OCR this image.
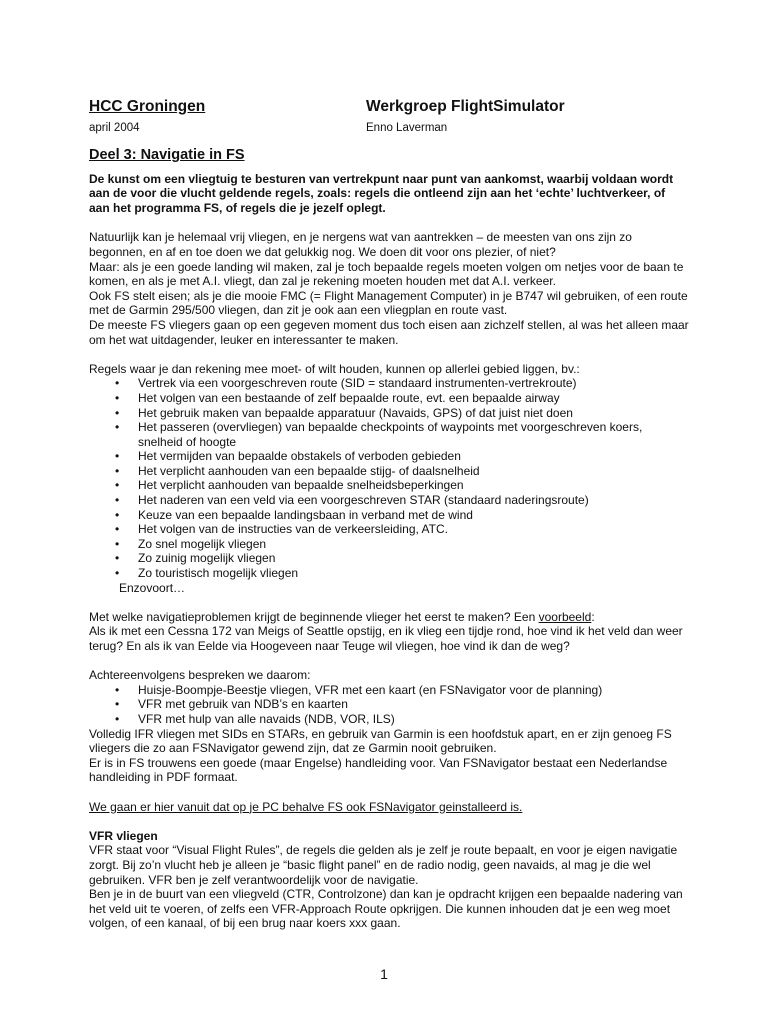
HCC Groningen	Werkgroep FlightSimulator
april 2004	Enno Laverman
Deel 3: Navigatie in FS

De kunst om een vliegtuig te besturen van vertrekpunt naar punt van aankomst, waarbij voldaan wordt aan de voor die vlucht geldende regels, zoals: regels die ontleend zijn aan het ‘echte’ luchtverkeer, of aan het programma FS, of regels die je jezelf oplegt.

Natuurlijk kan je helemaal vrij vliegen, en je nergens wat van aantrekken – de meesten van ons zijn zo begonnen, en af en toe doen we dat gelukkig nog. We doen dit voor ons plezier, of niet?

Maar: als je een goede landing wil maken, zal je toch bepaalde regels moeten volgen om netjes voor de baan te komen, en als je met A.I. vliegt, dan zal je rekening moeten houden met dat A.I. verkeer.

Ook FS stelt eisen; als je die mooie FMC (= Flight Management Computer) in je B747 wil gebruiken, of een route met de Garmin 295/500 vliegen, dan zit je ook aan een vliegplan en route vast.

De meeste FS vliegers gaan op een gegeven moment dus toch eisen aan zichzelf stellen, al was het alleen maar om het wat uitdagender, leuker en interessanter te maken.

Regels waar je dan rekening mee moet- of wilt houden, kunnen op allerlei gebied liggen, bv.:

• Vertrek via een voorgeschreven route (SID = standaard instrumenten-vertrekroute)
• Het volgen van een bestaande of zelf bepaalde route, evt. een bepaalde airway
• Het gebruik maken van bepaalde apparatuur (Navaids, GPS) of dat juist niet doen
• Het passeren (overvliegen) van bepaalde checkpoints of waypoints met voorgeschreven koers, snelheid of hoogte
• Het vermijden van bepaalde obstakels of verboden gebieden
• Het verplicht aanhouden van een bepaalde stijg- of daalsnelheid
• Het verplicht aanhouden van bepaalde snelheidsbeperkingen
• Het naderen van een veld via een voorgeschreven STAR (standaard naderingsroute)
• Keuze van een bepaalde landingsbaan in verband met de wind
• Het volgen van de instructies van de verkeersleiding, ATC.
• Zo snel mogelijk vliegen
• Zo zuinig mogelijk vliegen
• Zo touristisch mogelijk vliegen

Enzovoort…

Met welke navigatieproblemen krijgt de beginnende vlieger het eerst te maken? Een voorbeeld:

Als ik met een Cessna 172 van Meigs of Seattle opstijg, en ik vlieg een tijdje rond, hoe vind ik het veld dan weer terug? En als ik van Eelde via Hoogeveen naar Teuge wil vliegen, hoe vind ik dan de weg?

Achtereenvolgens bespreken we daarom:

• Huisje-Boompje-Beestje vliegen, VFR met een kaart (en FSNavigator voor de planning)
• VFR met gebruik van NDB’s en kaarten
• VFR met hulp van alle navaids (NDB, VOR, ILS)

Volledig IFR vliegen met SIDs en STARs, en gebruik van Garmin is een hoofdstuk apart, en er zijn genoeg FS vliegers die zo aan FSNavigator gewend zijn, dat ze Garmin nooit gebruiken.

Er is in FS trouwens een goede (maar Engelse) handleiding voor. Van FSNavigator bestaat een Nederlandse handleiding in PDF formaat.

We gaan er hier vanuit dat op je PC behalve FS ook FSNavigator geinstalleerd is.

VFR vliegen

VFR staat voor “Visual Flight Rules”, de regels die gelden als je zelf je route bepaalt, en voor je eigen navigatie zorgt. Bij zo’n vlucht heb je alleen je “basic flight panel” en de radio nodig, geen navaids, al mag je die wel gebruiken. VFR ben je zelf verantwoordelijk voor de navigatie.

Ben je in de buurt van een vliegveld (CTR, Controlzone) dan kan je opdracht krijgen een bepaalde nadering van het veld uit te voeren, of zelfs een VFR-Approach Route opkrijgen. Die kunnen inhouden dat je een weg moet volgen, of een kanaal, of bij een brug naar koers xxx gaan.

1
